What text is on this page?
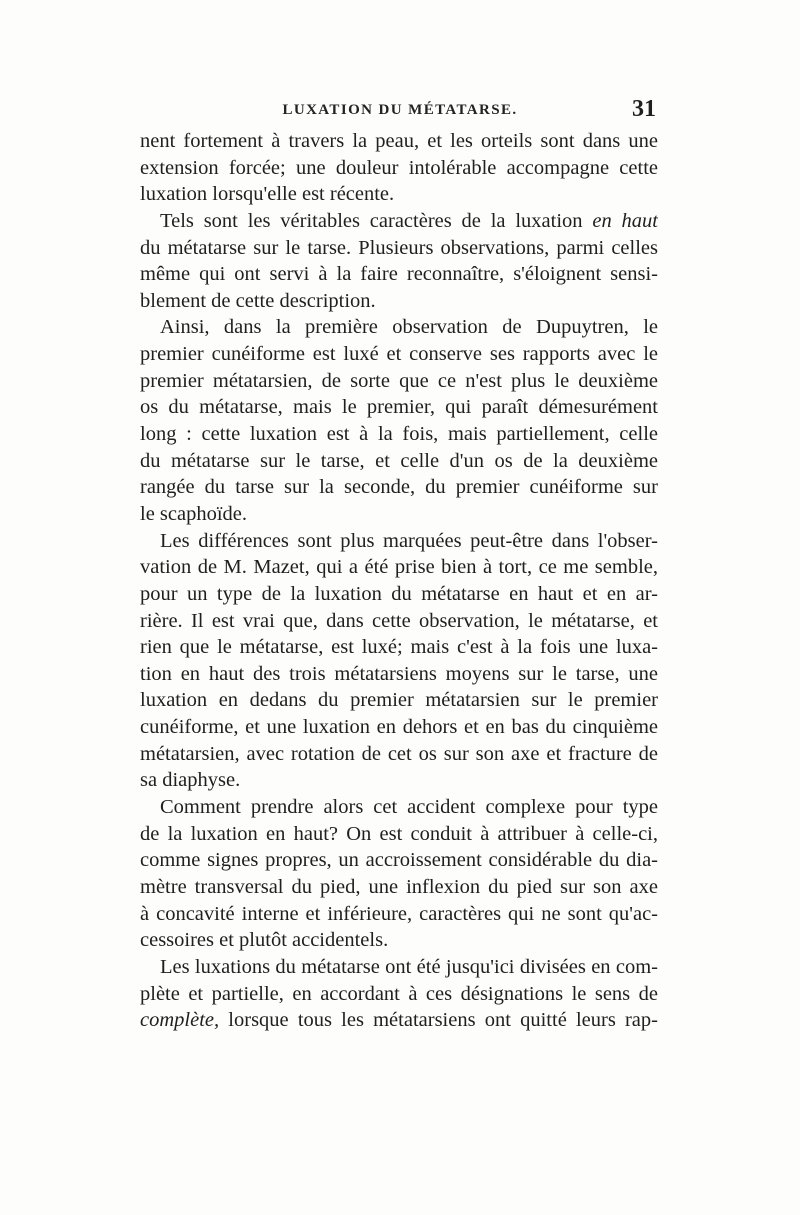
LUXATION DU MÉTATARSE.	31
nent fortement à travers la peau, et les orteils sont dans une
extension forcée; une douleur intolérable accompagne cette
luxation lorsqu'elle est récente.
Tels sont les véritables caractères de la luxation en haut
du métatarse sur le tarse. Plusieurs observations, parmi celles
même qui ont servi à la faire reconnaître, s'éloignent sensi-
blement de cette description.
Ainsi, dans la première observation de Dupuytren, le
premier cunéiforme est luxé et conserve ses rapports avec le
premier métatarsien, de sorte que ce n'est plus le deuxième
os du métatarse, mais le premier, qui paraît démesurément
long : cette luxation est à la fois, mais partiellement, celle
du métatarse sur le tarse, et celle d'un os de la deuxième
rangée du tarse sur la seconde, du premier cunéiforme sur
le scaphoïde.
Les différences sont plus marquées peut-être dans l'obser-
vation de M. Mazet, qui a été prise bien à tort, ce me semble,
pour un type de la luxation du métatarse en haut et en ar-
rière. Il est vrai que, dans cette observation, le métatarse, et
rien que le métatarse, est luxé; mais c'est à la fois une luxa-
tion en haut des trois métatarsiens moyens sur le tarse, une
luxation en dedans du premier métatarsien sur le premier
cunéiforme, et une luxation en dehors et en bas du cinquième
métatarsien, avec rotation de cet os sur son axe et fracture de
sa diaphyse.
Comment prendre alors cet accident complexe pour type
de la luxation en haut? On est conduit à attribuer à celle-ci,
comme signes propres, un accroissement considérable du dia-
mètre transversal du pied, une inflexion du pied sur son axe
à concavité interne et inférieure, caractères qui ne sont qu'ac-
cessoires et plutôt accidentels.
Les luxations du métatarse ont été jusqu'ici divisées en com-
plète et partielle, en accordant à ces désignations le sens de
complète, lorsque tous les métatarsiens ont quitté leurs rap-
